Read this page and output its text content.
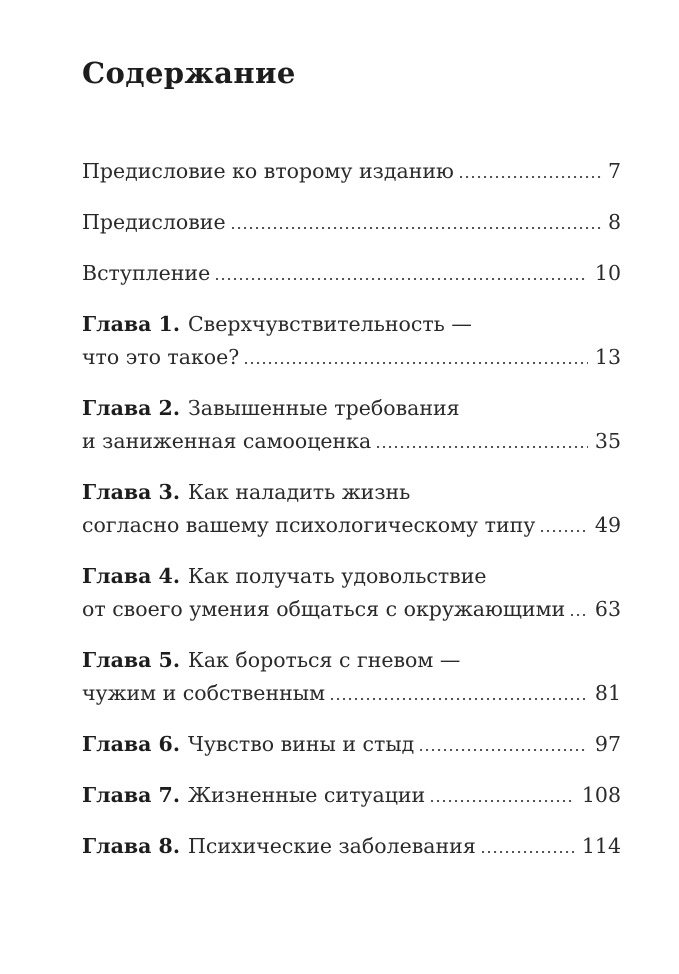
Содержание
Предисловие ко второму изданию	7
Предисловие	8
Вступление	10
Глава 1. Сверхчувствительность —
что это такое?	13
Глава 2. Завышенные требования
и заниженная самооценка	35
Глава 3. Как наладить жизнь
согласно вашему психологическому типу	49
Глава 4. Как получать удовольствие
от своего умения общаться с окружающими 63
Глава 5. Как бороться с гневом —
чужим и собственным	81
Глава 6. Чувство вины и стыд	97
Глава 7. Жизненные ситуации	108
Глава 8. Психические заболевания	114
